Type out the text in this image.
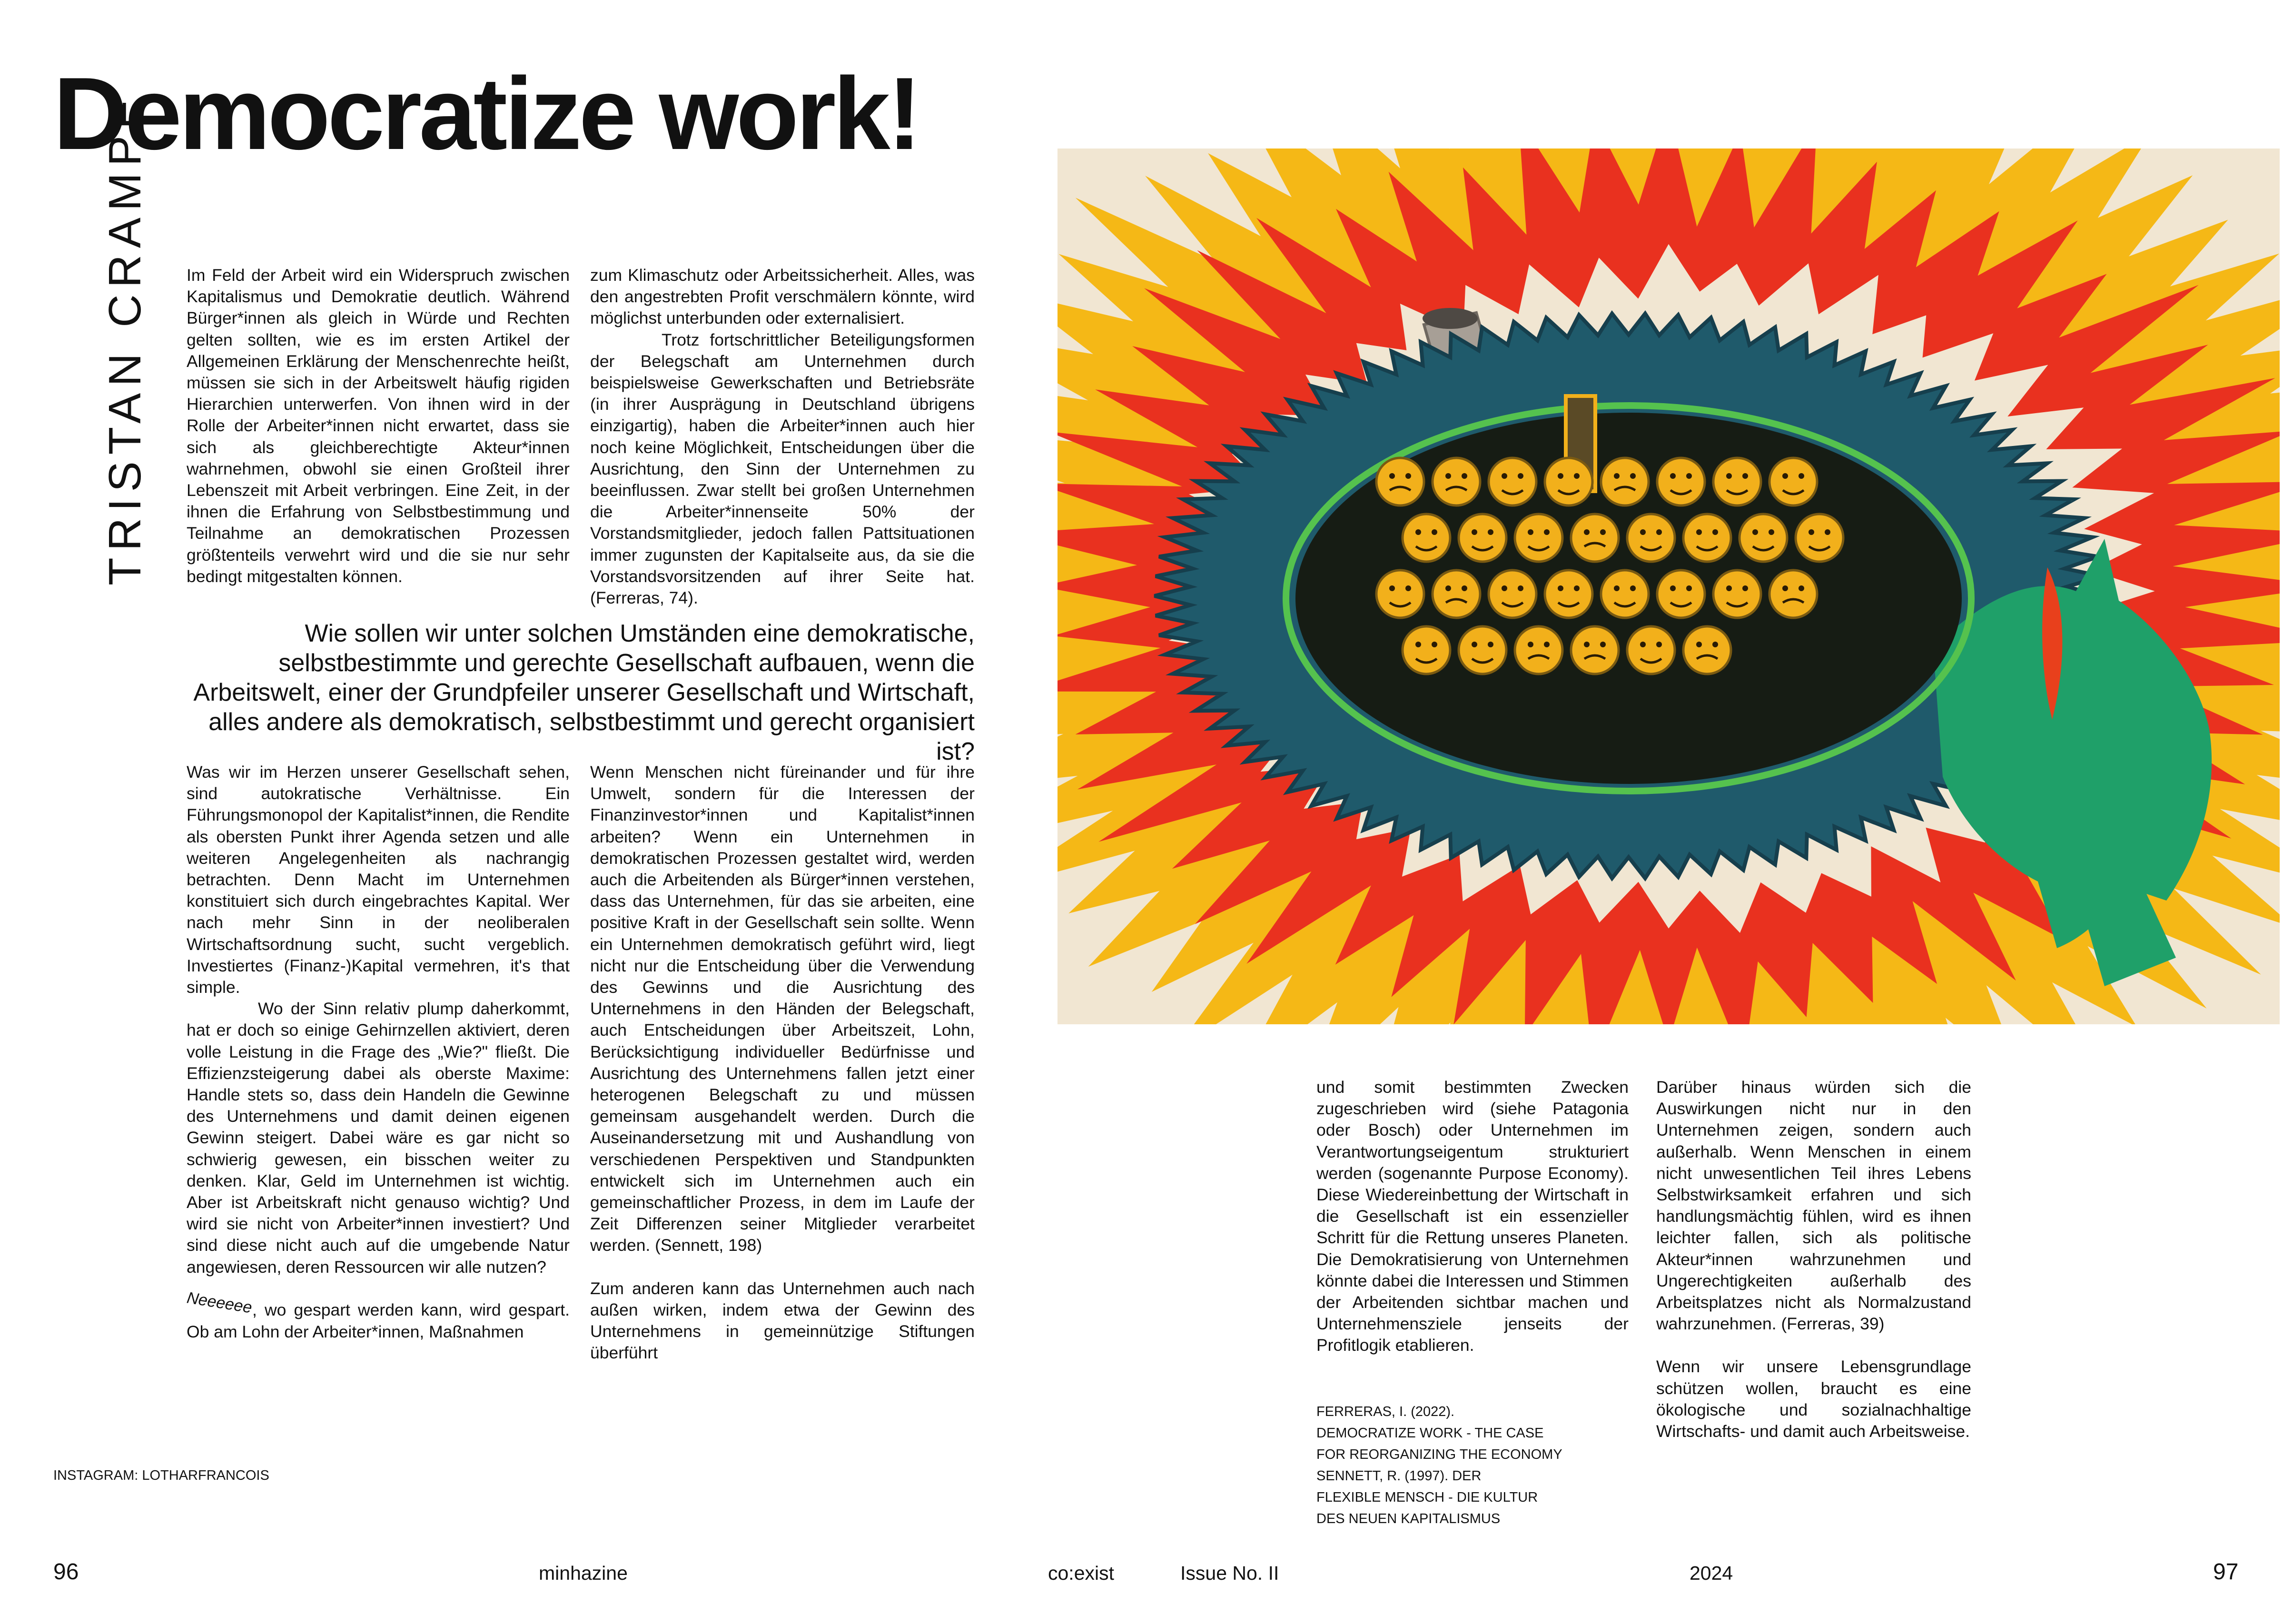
Democratize work!
TRISTAN CRAMPE Im Feld der Arbeit wird ein Widerspruch zwischen Kapitalismus und Demokratie deutlich. Während Bürger*innen als gleich in Würde und Rechten gelten sollten, wie es im ersten Artikel der Allgemeinen Erklärung der Menschenrechte heißt, müssen sie sich in der Arbeitswelt häufig rigiden Hierarchien unterwerfen. Von ihnen wird in der Rolle der Arbeiter*innen nicht erwartet, dass sie sich als gleichberechtigte Akteur*innen wahrnehmen, obwohl sie einen Großteil ihrer Lebenszeit mit Arbeit verbringen. Eine Zeit, in der ihnen die Erfahrung von Selbstbestimmung und Teilnahme an demokratischen Prozessen größtenteils verwehrt wird und die sie nur sehr bedingt mitgestalten können.

zum Klimaschutz oder Arbeitssicherheit. Alles, was den angestrebten Profit verschmälern könnte, wird möglichst unterbunden oder externalisiert.

Trotz fortschrittlicher Beteiligungsformen der Belegschaft am Unternehmen durch beispielsweise Gewerkschaften und Betriebsräte (in ihrer Ausprägung in Deutschland übrigens einzigartig), haben die Arbeiter*innen auch hier noch keine Möglichkeit, Entscheidungen über die Ausrichtung, den Sinn der Unternehmen zu beeinflussen. Zwar stellt bei großen Unternehmen die Arbeiter*innenseite 50% der Vorstandsmitglieder, jedoch fallen Pattsituationen immer zugunsten der Kapitalseite aus, da sie die Vorstandsvorsitzenden auf ihrer Seite hat. (Ferreras, 74).

Wie sollen wir unter solchen Umständen eine demokratische, selbstbestimmte und gerechte Gesellschaft aufbauen, wenn die Arbeitswelt, einer der Grundpfeiler unserer Gesellschaft und Wirtschaft, alles andere als demokratisch, selbstbestimmt und gerecht organisiert ist?

Was wir im Herzen unserer Gesellschaft sehen, sind autokratische Verhältnisse. Ein Führungsmonopol der Kapitalist*innen, die Rendite als obersten Punkt ihrer Agenda setzen und alle weiteren Angelegenheiten als nachrangig betrachten. Denn Macht im Unternehmen konstituiert sich durch eingebrachtes Kapital. Wer nach mehr Sinn in der neoliberalen Wirtschaftsordnung sucht, sucht vergeblich. Investiertes (Finanz-)Kapital vermehren, it's that simple.

Wo der Sinn relativ plump daherkommt, hat er doch so einige Gehirnzellen aktiviert, deren volle Leistung in die Frage des „Wie?" fließt. Die Effizienzsteigerung dabei als oberste Maxime: Handle stets so, dass dein Handeln die Gewinne des Unternehmens und damit deinen eigenen Gewinn steigert. Dabei wäre es gar nicht so schwierig gewesen, ein bisschen weiter zu denken. Klar, Geld im Unternehmen ist wichtig. Aber ist Arbeitskraft nicht genauso wichtig? Und wird sie nicht von Arbeiter*innen investiert? Und sind diese nicht auch auf die umgebende Natur angewiesen, deren Ressourcen wir alle nutzen?

Neeeeee, wo gespart werden kann, wird gespart. Ob am Lohn der Arbeiter*innen, Maßnahmen

Wenn Menschen nicht füreinander und für ihre Umwelt, sondern für die Interessen der Finanzinvestor*innen und Kapitalist*innen arbeiten? Wenn ein Unternehmen in demokratischen Prozessen gestaltet wird, werden auch die Arbeitenden als Bürger*innen verstehen, dass das Unternehmen, für das sie arbeiten, eine positive Kraft in der Gesellschaft sein sollte. Wenn ein Unternehmen demokratisch geführt wird, liegt nicht nur die Entscheidung über die Verwendung des Gewinns und die Ausrichtung des Unternehmens in den Händen der Belegschaft, auch Entscheidungen über Arbeitszeit, Lohn, Berücksichtigung individueller Bedürfnisse und Ausrichtung des Unternehmens fallen jetzt einer heterogenen Belegschaft zu und müssen gemeinsam ausgehandelt werden. Durch die Auseinandersetzung mit und Aushandlung von verschiedenen Perspektiven und Standpunkten entwickelt sich im Unternehmen auch ein gemeinschaftlicher Prozess, in dem im Laufe der Zeit Differenzen seiner Mitglieder verarbeitet werden. (Sennett, 198)

Zum anderen kann das Unternehmen auch nach außen wirken, indem etwa der Gewinn des Unternehmens in gemeinnützige Stiftungen überführt

und somit bestimmten Zwecken zugeschrieben wird (siehe Patagonia oder Bosch) oder Unternehmen im Verantwortungseigentum strukturiert werden (sogenannte Purpose Economy). Diese Wiedereinbettung der Wirtschaft in die Gesellschaft ist ein essenzieller Schritt für die Rettung unseres Planeten. Die Demokratisierung von Unternehmen könnte dabei die Interessen und Stimmen der Arbeitenden sichtbar machen und Unternehmensziele jenseits der Profitlogik etablieren.

Darüber hinaus würden sich die Auswirkungen nicht nur in den Unternehmen zeigen, sondern auch außerhalb. Wenn Menschen in einem nicht unwesentlichen Teil ihres Lebens Selbstwirksamkeit erfahren und sich handlungsmächtig fühlen, wird es ihnen leichter fallen, sich als politische Akteur*innen wahrzunehmen und Ungerechtigkeiten außerhalb des Arbeitsplatzes nicht als Normalzustand wahrzunehmen. (Ferreras, 39)

Wenn wir unsere Lebensgrundlage schützen wollen, braucht es eine ökologische und sozialnachhaltige Wirtschafts- und damit auch Arbeitsweise.

INSTAGRAM: LOTHARFRANCOIS

FERRERAS, I. (2022).
DEMOCRATIZE WORK - THE CASE
FOR REORGANIZING THE ECONOMY
SENNETT, R. (1997). DER
FLEXIBLE MENSCH - DIE KULTUR
DES NEUEN KAPITALISMUS
96	minhazine	co:exist	Issue No. II	2024	97
